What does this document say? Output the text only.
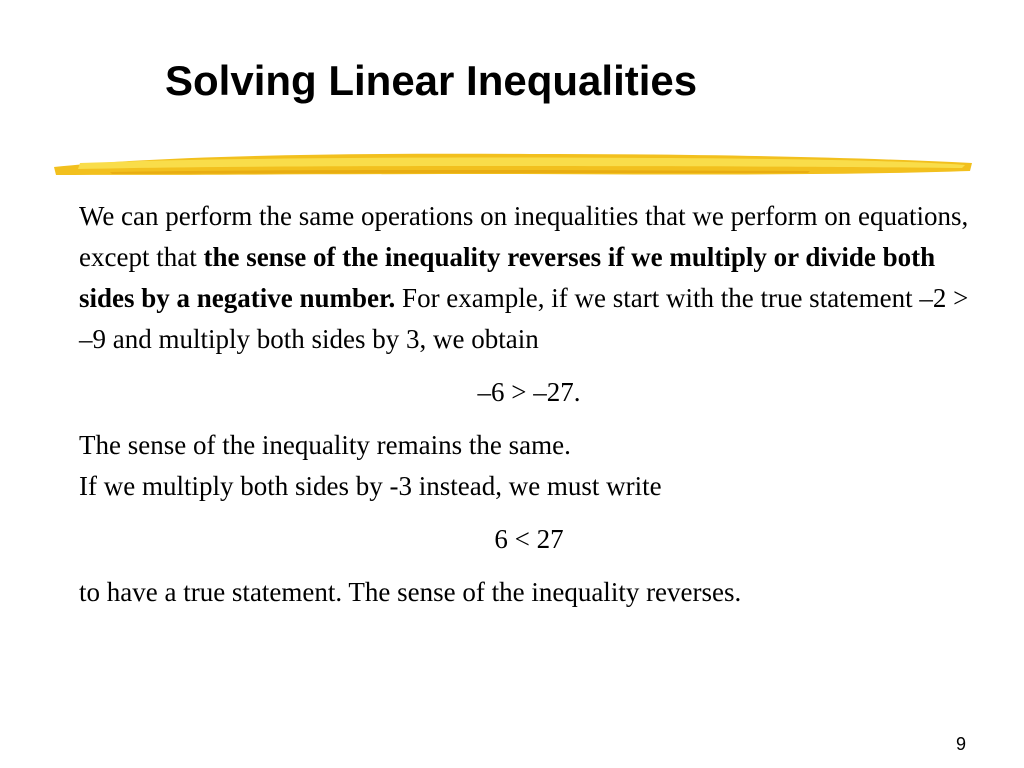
Solving Linear Inequalities

We can perform the same operations on inequalities that we perform on equations, except that the sense of the inequality reverses if we multiply or divide both sides by a negative number. For example, if we start with the true statement –2 > –9 and multiply both sides by 3, we obtain

–6 > –27.

The sense of the inequality remains the same.

If we multiply both sides by -3 instead, we must write

6 < 27

to have a true statement. The sense of the inequality reverses.

9
